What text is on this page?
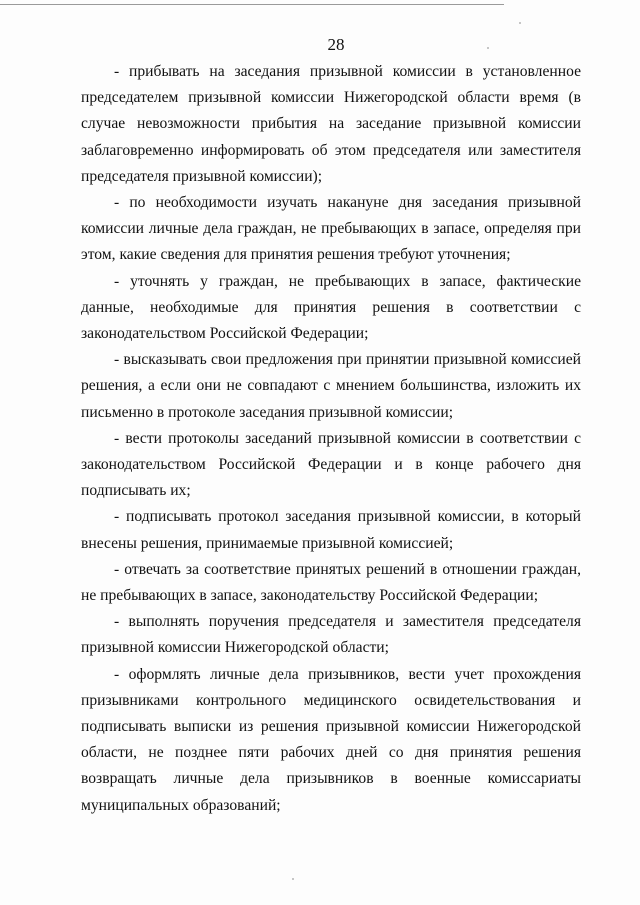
28

- прибывать на заседания призывной комиссии в установленное председателем призывной комиссии Нижегородской области время (в случае невозможности прибытия на заседание призывной комиссии заблаговременно информировать об этом председателя или заместителя председателя призывной комиссии);

- по необходимости изучать накануне дня заседания призывной комиссии личные дела граждан, не пребывающих в запасе, определяя при этом, какие сведения для принятия решения требуют уточнения;

- уточнять у граждан, не пребывающих в запасе, фактические данные, необходимые для принятия решения в соответствии с законодательством Российской Федерации;

- высказывать свои предложения при принятии призывной комиссией решения, а если они не совпадают с мнением большинства, изложить их письменно в протоколе заседания призывной комиссии;

- вести протоколы заседаний призывной комиссии в соответствии с законодательством Российской Федерации и в конце рабочего дня подписывать их;

- подписывать протокол заседания призывной комиссии, в который внесены решения, принимаемые призывной комиссией;

- отвечать за соответствие принятых решений в отношении граждан, не пребывающих в запасе, законодательству Российской Федерации;

- выполнять поручения председателя и заместителя председателя призывной комиссии Нижегородской области;

- оформлять личные дела призывников, вести учет прохождения призывниками контрольного медицинского освидетельствования и подписывать выписки из решения призывной комиссии Нижегородской области, не позднее пяти рабочих дней со дня принятия решения возвращать личные дела призывников в военные комиссариаты муниципальных образований;
